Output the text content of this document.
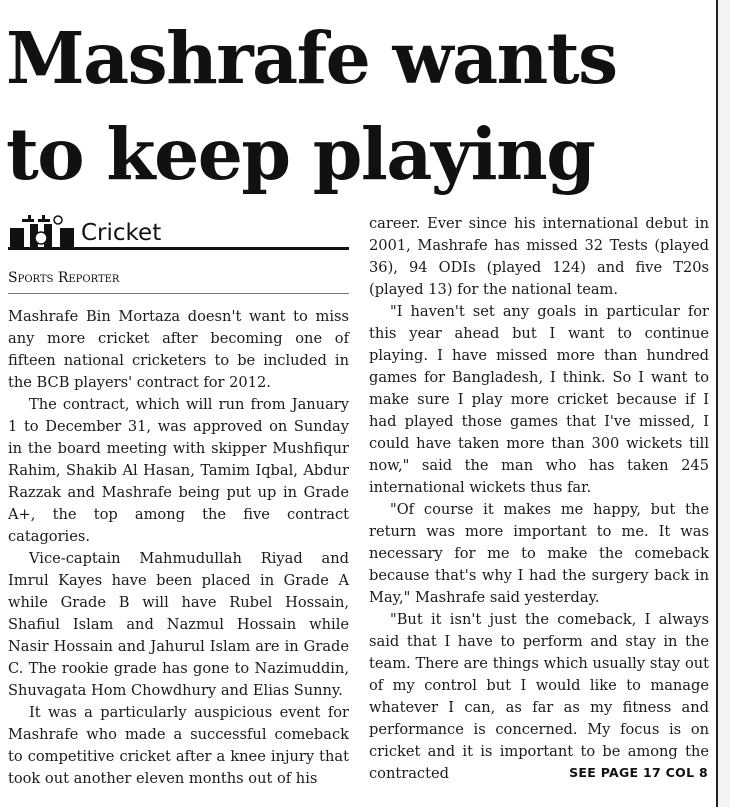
Mashrafe wants to keep playing
Cricket
Sports Reporter

Mashrafe Bin Mortaza doesn't want to miss any more cricket after becoming one of fifteen national cricketers to be included in the BCB players' contract for 2012.

The contract, which will run from January 1 to December 31, was approved on Sunday in the board meeting with skipper Mushfiqur Rahim, Shakib Al Hasan, Tamim Iqbal, Abdur Razzak and Mashrafe being put up in Grade A+, the top among the five contract catagories.

Vice-captain Mahmudullah Riyad and Imrul Kayes have been placed in Grade A while Grade B will have Rubel Hossain, Shafiul Islam and Nazmul Hossain while Nasir Hossain and Jahurul Islam are in Grade C. The rookie grade has gone to Nazimuddin, Shuvagata Hom Chowdhury and Elias Sunny.

It was a particularly auspicious event for Mashrafe who made a successful comeback to competitive cricket after a knee injury that took out another eleven months out of his

career. Ever since his international debut in 2001, Mashrafe has missed 32 Tests (played 36), 94 ODIs (played 124) and five T20s (played 13) for the national team.

"I haven't set any goals in particular for this year ahead but I want to continue playing. I have missed more than hundred games for Bangladesh, I think. So I want to make sure I play more cricket because if I had played those games that I've missed, I could have taken more than 300 wickets till now," said the man who has taken 245 international wickets thus far.

"Of course it makes me happy, but the return was more important to me. It was necessary for me to make the comeback because that's why I had the surgery back in May," Mashrafe said yesterday.

"But it isn't just the comeback, I always said that I have to perform and stay in the team. There are things which usually stay out of my control but I would like to manage whatever I can, as far as my fitness and performance is concerned. My focus is on cricket and it is important to be among the contracted	SEE PAGE 17 COL 8
